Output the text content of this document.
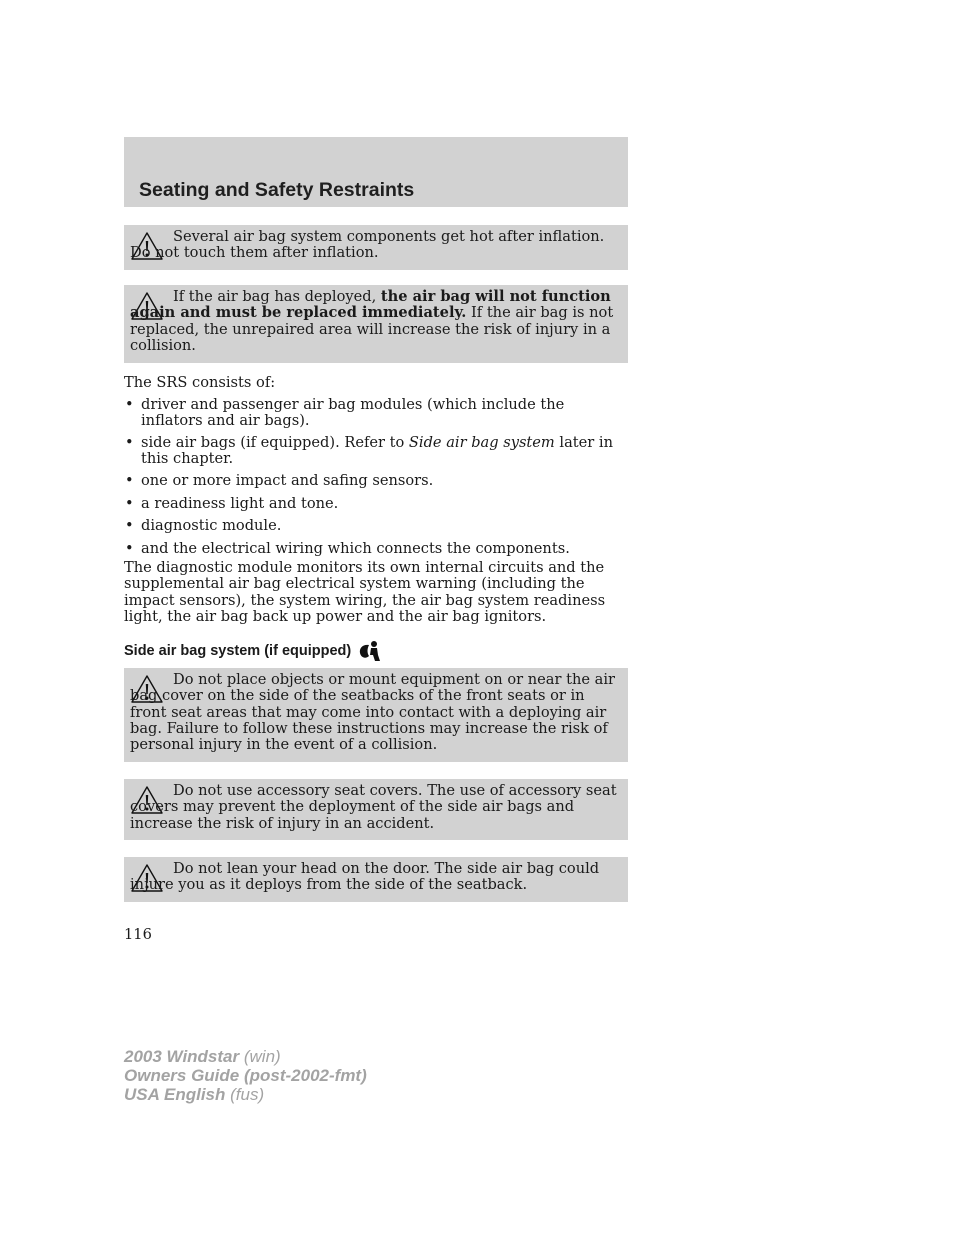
Seating and Safety Restraints

Several air bag system components get hot after inflation. Do not touch them after inflation.

If the air bag has deployed, the air bag will not function again and must be replaced immediately. If the air bag is not replaced, the unrepaired area will increase the risk of injury in a collision.

The SRS consists of:

• driver and passenger air bag modules (which include the inflators and air bags).
• side air bags (if equipped). Refer to Side air bag system later in this chapter.
• one or more impact and safing sensors.
• a readiness light and tone.
• diagnostic module.
• and the electrical wiring which connects the components.

The diagnostic module monitors its own internal circuits and the supplemental air bag electrical system warning (including the impact sensors), the system wiring, the air bag system readiness light, the air bag back up power and the air bag ignitors.

Side air bag system (if equipped)

Do not place objects or mount equipment on or near the air bag cover on the side of the seatbacks of the front seats or in front seat areas that may come into contact with a deploying air bag. Failure to follow these instructions may increase the risk of personal injury in the event of a collision.

Do not use accessory seat covers. The use of accessory seat covers may prevent the deployment of the side air bags and increase the risk of injury in an accident.

Do not lean your head on the door. The side air bag could injure you as it deploys from the side of the seatback.

116
2003 Windstar (win)
Owners Guide (post-2002-fmt)
USA English (fus)
